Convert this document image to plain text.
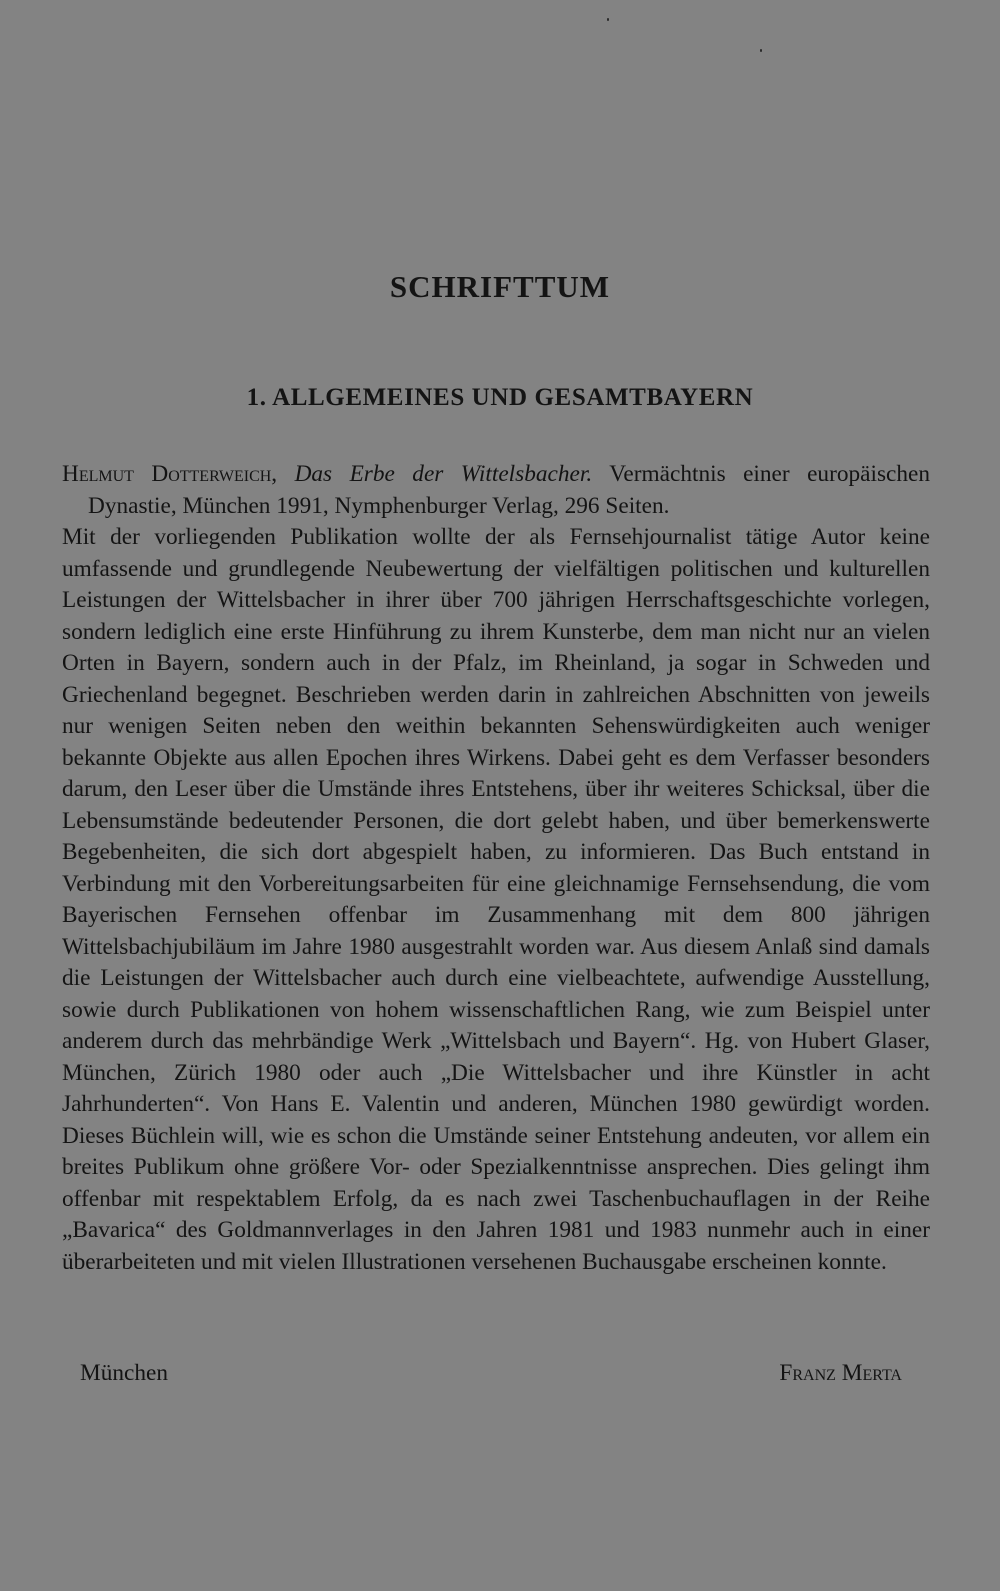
SCHRIFTTUM
1. ALLGEMEINES UND GESAMTBAYERN

Helmut Dotterweich, Das Erbe der Wittelsbacher. Vermächtnis einer europäischen Dynastie, München 1991, Nymphenburger Verlag, 296 Seiten.

Mit der vorliegenden Publikation wollte der als Fernsehjournalist tätige Autor keine umfassende und grundlegende Neubewertung der vielfältigen politischen und kulturellen Leistungen der Wittelsbacher in ihrer über 700 jährigen Herrschaftsgeschichte vorlegen, sondern lediglich eine erste Hinführung zu ihrem Kunsterbe, dem man nicht nur an vielen Orten in Bayern, sondern auch in der Pfalz, im Rheinland, ja sogar in Schweden und Griechenland begegnet. Beschrieben werden darin in zahlreichen Abschnitten von jeweils nur wenigen Seiten neben den weithin bekannten Sehenswürdigkeiten auch weniger bekannte Objekte aus allen Epochen ihres Wirkens. Dabei geht es dem Verfasser besonders darum, den Leser über die Umstände ihres Entstehens, über ihr weiteres Schicksal, über die Lebensumstände bedeutender Personen, die dort gelebt haben, und über bemerkenswerte Begebenheiten, die sich dort abgespielt haben, zu informieren. Das Buch entstand in Verbindung mit den Vorbereitungsarbeiten für eine gleichnamige Fernsehsendung, die vom Bayerischen Fernsehen offenbar im Zusammenhang mit dem 800 jährigen Wittelsbachjubiläum im Jahre 1980 ausgestrahlt worden war. Aus diesem Anlaß sind damals die Leistungen der Wittelsbacher auch durch eine vielbeachtete, aufwendige Ausstellung, sowie durch Publikationen von hohem wissenschaftlichen Rang, wie zum Beispiel unter anderem durch das mehrbändige Werk „Wittelsbach und Bayern“. Hg. von Hubert Glaser, München, Zürich 1980 oder auch „Die Wittelsbacher und ihre Künstler in acht Jahrhunderten“. Von Hans E. Valentin und anderen, München 1980 gewürdigt worden. Dieses Büchlein will, wie es schon die Umstände seiner Entstehung andeuten, vor allem ein breites Publikum ohne größere Vor- oder Spezialkenntnisse ansprechen. Dies gelingt ihm offenbar mit respektablem Erfolg, da es nach zwei Taschenbuchauflagen in der Reihe „Bavarica“ des Goldmannverlages in den Jahren 1981 und 1983 nunmehr auch in einer überarbeiteten und mit vielen Illustrationen versehenen Buchausgabe erscheinen konnte.

München	Franz Merta
